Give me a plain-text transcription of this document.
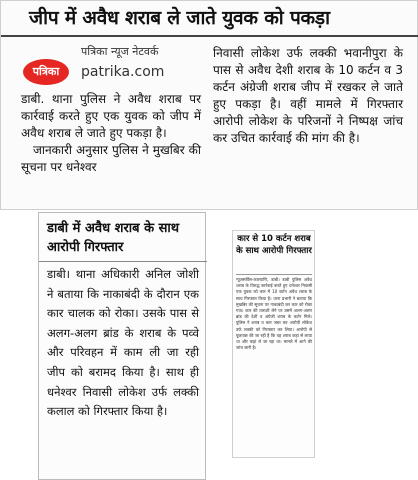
जीप में अवैध शराब ले जाते युवक को पकड़ा
पत्रिका
पत्रिका न्यूज नेटवर्क
patrika.com

डाबी. थाना पुलिस ने अवैध शराब पर कार्रवाई करते हुए एक युवक को जीप में अवैध शराब ले जाते हुए पकड़ा है।

जानकारी अनुसार पुलिस ने मुखबिर की सूचना पर धनेश्वर

निवासी लोकेश उर्फ लक्की भवानीपुरा के पास से अवैध देशी शराब के 10 कर्टन व 3 कर्टन अंग्रेजी शराब जीप में रखकर ले जाते हुए पकड़ा है। वहीं मामले में गिरफ्तार आरोपी लोकेश के परिजनों ने निष्पक्ष जांच कर उचित कार्रवाई की मांग की है।

डाबी में अवैध शराब के साथ आरोपी गिरफ्तार
डाबी। थाना अधिकारी अनिल जोशी ने बताया कि नाकाबंदी के दौरान एक कार चालक को रोका। उसके पास से अलग-अलग ब्रांड के शराब के पव्वे और परिवहन में काम ली जा रही जीप को बरामद किया है। साथ ही धनेश्वर निवासी लोकेश उर्फ लक्की कलाल को गिरफ्तार किया है।
कार से 10 कर्टन शराब के साथ आरोपी गिरफ्तार
न्यूज़सर्विस-काल्याणि, डाबी। डाबी पुलिस अवैध शराब के विरुद्ध कार्रवाई करते हुए धनेश्वर निवासी एक युवक को कार में 10 कर्टन अवैध शराब के साथ गिरफ्तार किया है। थाना प्रभारी ने बताया कि मुखबिर की सूचना पर नाकाबंदी कर कार को रोका गया। कार की तलाशी लेने पर उसमें अलग-अलग ब्रांड की देशी व अंग्रेजी शराब के कर्टन मिले। पुलिस ने शराब व कार जब्त कर आरोपी लोकेश उर्फ लक्की को गिरफ्तार कर लिया। आरोपी से पूछताछ की जा रही है कि वह शराब कहां से लाया था और कहां ले जा रहा था। मामले में आगे की जांच जारी है।
